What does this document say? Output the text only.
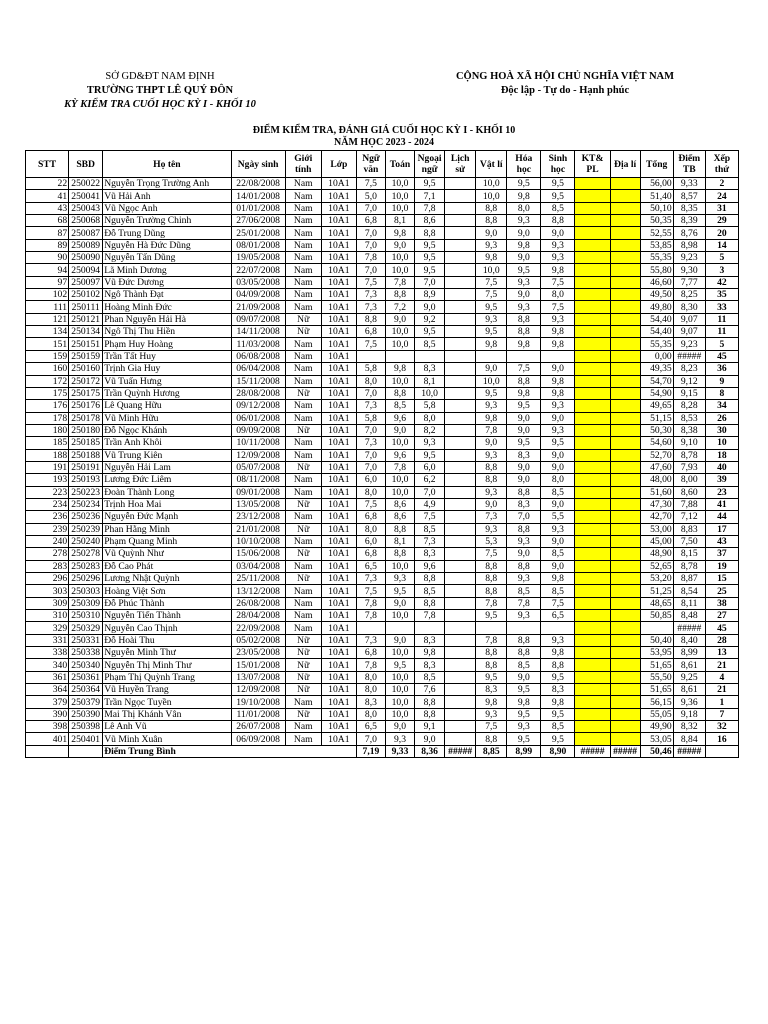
SỞ GD&ĐT NAM ĐỊNH
TRƯỜNG THPT LÊ QUÝ ĐÔN
KỲ KIỂM TRA CUỐI HỌC KỲ I - KHỐI 10
CỘNG HOÀ XÃ HỘI CHỦ NGHĨA VIỆT NAM
Độc lập - Tự do - Hạnh phúc
ĐIỂM KIỂM TRA, ĐÁNH GIÁ CUỐI HỌC KỲ I - KHỐI 10
NĂM HỌC 2023 - 2024
STT	SBD	Họ tên	Ngày sinh	Giới tính	Lớp	Ngữ văn	Toán	Ngoại ngữ	Lịch sử	Vật lí	Hóa học	Sinh học	KT& PL	Địa lí	Tổng	Điểm TB	Xếp thứ
22	250022	Nguyễn Trọng Trường Anh	22/08/2008	Nam	10A1	7,5	10,0	9,5		10,0	9,5	9,5			56,00	9,33	2
41	250041	Vũ Hải Anh	14/01/2008	Nam	10A1	5,0	10,0	7,1		10,0	9,8	9,5			51,40	8,57	24
43	250043	Vũ Ngọc Anh	01/01/2008	Nam	10A1	7,0	10,0	7,8		8,8	8,0	8,5			50,10	8,35	31
68	250068	Nguyễn Trường Chinh	27/06/2008	Nam	10A1	6,8	8,1	8,6		8,8	9,3	8,8			50,35	8,39	29
87	250087	Đỗ Trung Dũng	25/01/2008	Nam	10A1	7,0	9,8	8,8		9,0	9,0	9,0			52,55	8,76	20
89	250089	Nguyễn Hà Đức Dũng	08/01/2008	Nam	10A1	7,0	9,0	9,5		9,3	9,8	9,3			53,85	8,98	14
90	250090	Nguyễn Tấn Dũng	19/05/2008	Nam	10A1	7,8	10,0	9,5		9,8	9,0	9,3			55,35	9,23	5
94	250094	Lã Minh Dương	22/07/2008	Nam	10A1	7,0	10,0	9,5		10,0	9,5	9,8			55,80	9,30	3
97	250097	Vũ Đức Dương	03/05/2008	Nam	10A1	7,5	7,8	7,0		7,5	9,3	7,5			46,60	7,77	42
102	250102	Ngô Thành Đạt	04/09/2008	Nam	10A1	7,3	8,8	8,9		7,5	9,0	8,0			49,50	8,25	35
111	250111	Hoàng Minh Đức	21/09/2008	Nam	10A1	7,3	7,2	9,0		9,5	9,3	7,5			49,80	8,30	33
121	250121	Phan Nguyễn Hải Hà	09/07/2008	Nữ	10A1	8,8	9,0	9,2		9,3	8,8	9,3			54,40	9,07	11
134	250134	Ngô Thị Thu Hiền	14/11/2008	Nữ	10A1	6,8	10,0	9,5		9,5	8,8	9,8			54,40	9,07	11
151	250151	Phạm Huy Hoàng	11/03/2008	Nam	10A1	7,5	10,0	8,5		9,8	9,8	9,8			55,35	9,23	5
159	250159	Trần Tất Huy	06/08/2008	Nam	10A1										0,00	#####	45
160	250160	Trịnh Gia Huy	06/04/2008	Nam	10A1	5,8	9,8	8,3		9,0	7,5	9,0			49,35	8,23	36
172	250172	Vũ Tuấn Hưng	15/11/2008	Nam	10A1	8,0	10,0	8,1		10,0	8,8	9,8			54,70	9,12	9
175	250175	Trần Quỳnh Hương	28/08/2008	Nữ	10A1	7,0	8,8	10,0		9,5	9,8	9,8			54,90	9,15	8
176	250176	Lê Quang Hữu	09/12/2008	Nam	10A1	7,3	8,5	5,8		9,3	9,5	9,3			49,65	8,28	34
178	250178	Vũ Minh Hữu	06/01/2008	Nam	10A1	5,8	9,6	8,0		9,8	9,0	9,0			51,15	8,53	26
180	250180	Đỗ Ngọc Khánh	09/09/2008	Nữ	10A1	7,0	9,0	8,2		7,8	9,0	9,3			50,30	8,38	30
185	250185	Trần Anh Khôi	10/11/2008	Nam	10A1	7,3	10,0	9,3		9,0	9,5	9,5			54,60	9,10	10
188	250188	Vũ Trung Kiên	12/09/2008	Nam	10A1	7,0	9,6	9,5		9,3	8,3	9,0			52,70	8,78	18
191	250191	Nguyễn Hải Lam	05/07/2008	Nữ	10A1	7,0	7,8	6,0		8,8	9,0	9,0			47,60	7,93	40
193	250193	Lương Đức Liêm	08/11/2008	Nam	10A1	6,0	10,0	6,2		8,8	9,0	8,0			48,00	8,00	39
223	250223	Đoàn Thành Long	09/01/2008	Nam	10A1	8,0	10,0	7,0		9,3	8,8	8,5			51,60	8,60	23
234	250234	Trịnh Hoa Mai	13/05/2008	Nữ	10A1	7,5	8,6	4,9		9,0	8,3	9,0			47,30	7,88	41
236	250236	Nguyễn Đức Mạnh	23/12/2008	Nam	10A1	6,8	8,6	7,5		7,3	7,0	5,5			42,70	7,12	44
239	250239	Phan Hằng Minh	21/01/2008	Nữ	10A1	8,0	8,8	8,5		9,3	8,8	9,3			53,00	8,83	17
240	250240	Phạm Quang Minh	10/10/2008	Nam	10A1	6,0	8,1	7,3		5,3	9,3	9,0			45,00	7,50	43
278	250278	Vũ Quỳnh Như	15/06/2008	Nữ	10A1	6,8	8,8	8,3		7,5	9,0	8,5			48,90	8,15	37
283	250283	Đỗ Cao Phát	03/04/2008	Nam	10A1	6,5	10,0	9,6		8,8	8,8	9,0			52,65	8,78	19
296	250296	Lương Nhật Quỳnh	25/11/2008	Nữ	10A1	7,3	9,3	8,8		8,8	9,3	9,8			53,20	8,87	15
303	250303	Hoàng Việt Sơn	13/12/2008	Nam	10A1	7,5	9,5	8,5		8,8	8,5	8,5			51,25	8,54	25
309	250309	Đỗ Phúc Thành	26/08/2008	Nam	10A1	7,8	9,0	8,8		7,8	7,8	7,5			48,65	8,11	38
310	250310	Nguyễn Tiến Thành	28/04/2008	Nam	10A1	7,8	10,0	7,8		9,5	9,3	6,5			50,85	8,48	27
329	250329	Nguyễn Cao Thịnh	22/09/2008	Nam	10A1											#####	45
331	250331	Đỗ Hoài Thu	05/02/2008	Nữ	10A1	7,3	9,0	8,3		7,8	8,8	9,3			50,40	8,40	28
338	250338	Nguyễn Minh Thư	23/05/2008	Nữ	10A1	6,8	10,0	9,8		8,8	8,8	9,8			53,95	8,99	13
340	250340	Nguyễn Thị Minh Thư	15/01/2008	Nữ	10A1	7,8	9,5	8,3		8,8	8,5	8,8			51,65	8,61	21
361	250361	Phạm Thị Quỳnh Trang	13/07/2008	Nữ	10A1	8,0	10,0	8,5		9,5	9,0	9,5			55,50	9,25	4
364	250364	Vũ Huyền Trang	12/09/2008	Nữ	10A1	8,0	10,0	7,6		8,3	9,5	8,3			51,65	8,61	21
379	250379	Trần Ngọc Tuyền	19/10/2008	Nam	10A1	8,3	10,0	8,8		9,8	9,8	9,8			56,15	9,36	1
390	250390	Mai Thị Khánh Vân	11/01/2008	Nữ	10A1	8,0	10,0	8,8		9,3	9,5	9,5			55,05	9,18	7
398	250398	Lê Anh Vũ	26/07/2008	Nam	10A1	6,5	9,0	9,1		7,5	9,3	8,5			49,90	8,32	32
401	250401	Vũ Minh Xuân	06/09/2008	Nam	10A1	7,0	9,3	9,0		8,8	9,5	9,5			53,05	8,84	16
		Điểm Trung Bình				7,19	9,33	8,36	#####	8,85	8,99	8,90	#####	#####	50,46	#####	
